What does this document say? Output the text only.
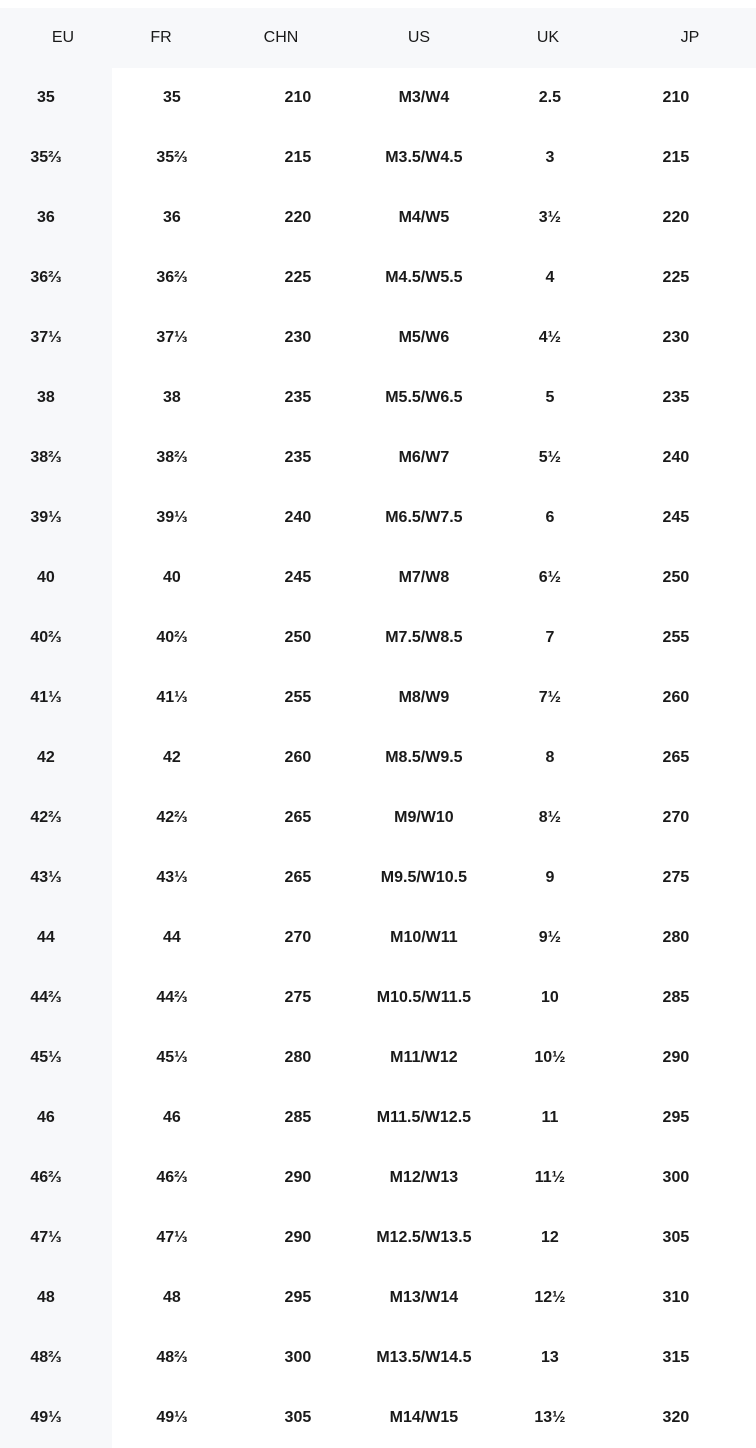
EU	FR	CHN	US	UK	JP
35	35	210	M3/W4	2.5	210
35⅔	35⅔	215	M3.5/W4.5	3	215
36	36	220	M4/W5	3½	220
36⅔	36⅔	225	M4.5/W5.5	4	225
37⅓	37⅓	230	M5/W6	4½	230
38	38	235	M5.5/W6.5	5	235
38⅔	38⅔	235	M6/W7	5½	240
39⅓	39⅓	240	M6.5/W7.5	6	245
40	40	245	M7/W8	6½	250
40⅔	40⅔	250	M7.5/W8.5	7	255
41⅓	41⅓	255	M8/W9	7½	260
42	42	260	M8.5/W9.5	8	265
42⅔	42⅔	265	M9/W10	8½	270
43⅓	43⅓	265	M9.5/W10.5	9	275
44	44	270	M10/W11	9½	280
44⅔	44⅔	275	M10.5/W11.5	10	285
45⅓	45⅓	280	M11/W12	10½	290
46	46	285	M11.5/W12.5	11	295
46⅔	46⅔	290	M12/W13	11½	300
47⅓	47⅓	290	M12.5/W13.5	12	305
48	48	295	M13/W14	12½	310
48⅔	48⅔	300	M13.5/W14.5	13	315
49⅓	49⅓	305	M14/W15	13½	320
